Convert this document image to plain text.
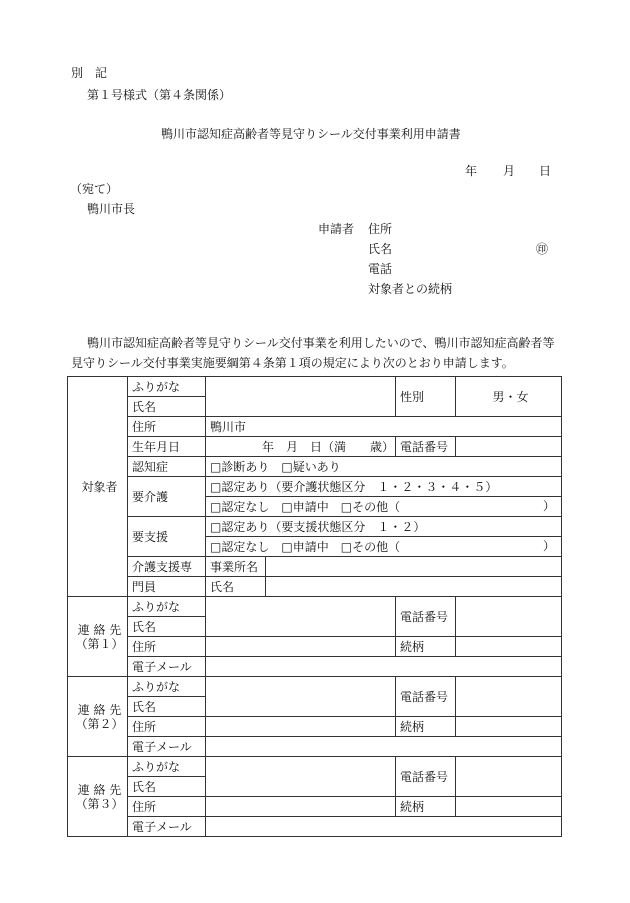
別　記
第１号様式（第４条関係）
鴨川市認知症高齢者等見守りシール交付事業利用申請書
年 月 日
（宛て）
鴨川市長
申請者 住所
氏名	㊞
電話
対象者との続柄
鴨川市認知症高齢者等見守りシール交付事業を利用したいので、鴨川市認知症高齢者等
見守りシール交付事業実施要綱第４条第１項の規定により次のとおり申請します。
対象者	ふりがな			性別	男・女
	氏名				
	住所	鴨川市			
	生年月日	年　月　日（満　　歳）		電話番号	
	認知症	□ 診断あり　 □ 疑いあり
	要介護	□ 認定あり（要介護状態区分　１・２・３・４・５）
		□ 認定なし　 □ 申請中　 □ その他（ ）

	要支援	□ 認定あり（要支援状態区分　１・２）
		□ 認定なし　 □ 申請中　 □ その他（ ）

	介護支援専	事業所名			
	門員	氏名			
連 絡 先
（第１）	ふりがな			電話番号	
	氏名				
	住所			続柄	
	電子メール				
連 絡 先
（第２）	ふりがな			電話番号	
	氏名				
	住所			続柄	
	電子メール				
連 絡 先
（第３）	ふりがな			電話番号	
	氏名				
	住所			続柄	
	電子メール				
